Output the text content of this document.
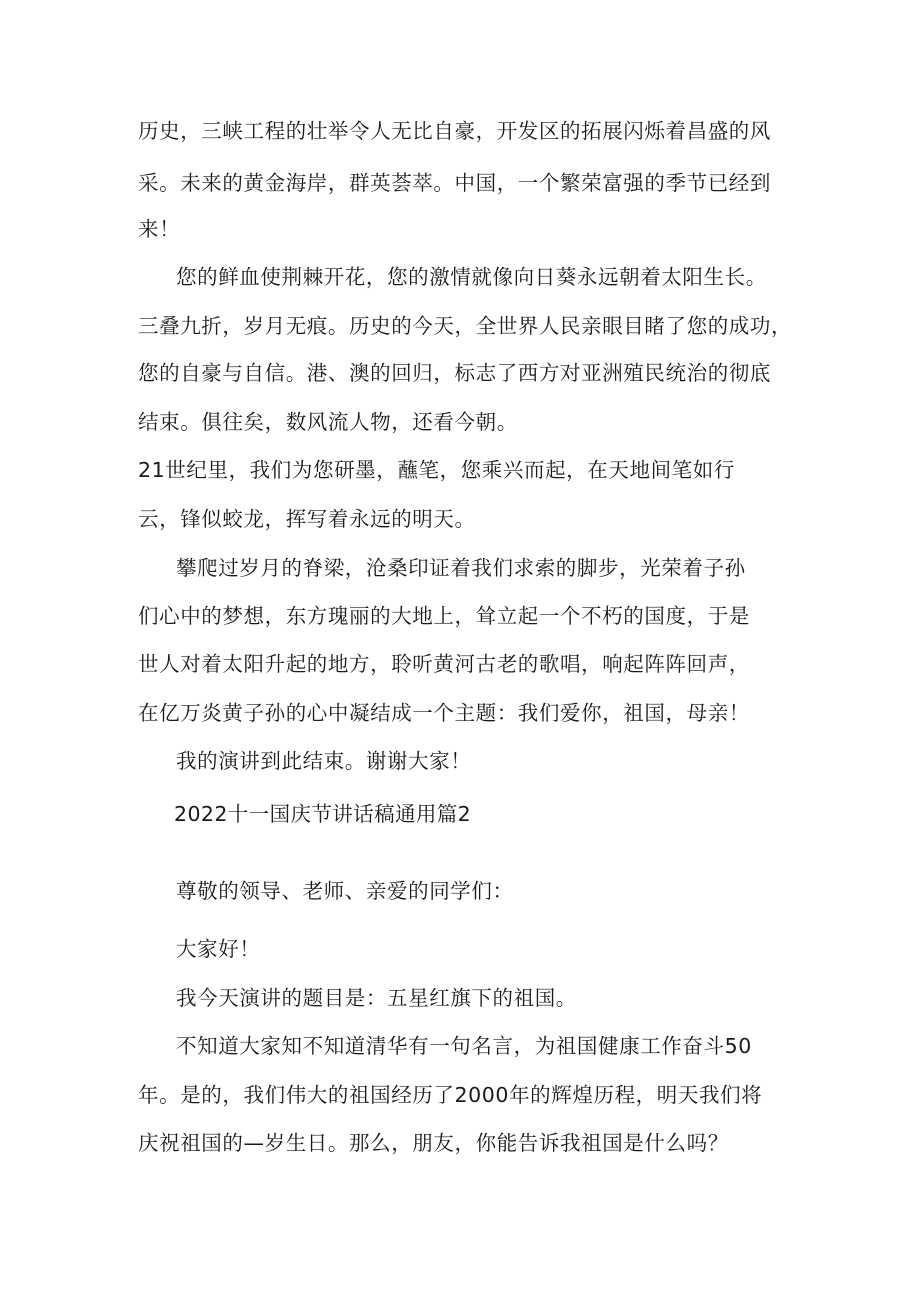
历史，三峡工程的壮举令人无比自豪，开发区的拓展闪烁着昌盛的风
采。未来的黄金海岸，群英荟萃。中国，一个繁荣富强的季节已经到
来！
您的鲜血使荆棘开花，您的激情就像向日葵永远朝着太阳生长。
三叠九折，岁月无痕。历史的今天，全世界人民亲眼目睹了您的成功，
您的自豪与自信。港、澳的回归，标志了西方对亚洲殖民统治的彻底
结束。俱往矣，数风流人物，还看今朝。
21世纪里，我们为您研墨，蘸笔，您乘兴而起，在天地间笔如行
云，锋似蛟龙，挥写着永远的明天。
攀爬过岁月的脊梁，沧桑印证着我们求索的脚步，光荣着子孙
们心中的梦想，东方瑰丽的大地上，耸立起一个不朽的国度，于是
世人对着太阳升起的地方，聆听黄河古老的歌唱，响起阵阵回声，
在亿万炎黄子孙的心中凝结成一个主题：我们爱你，祖国，母亲！
我的演讲到此结束。谢谢大家！
2022十一国庆节讲话稿通用篇2
尊敬的领导、老师、亲爱的同学们：
大家好！
我今天演讲的题目是：五星红旗下的祖国。
不知道大家知不知道清华有一句名言，为祖国健康工作奋斗50
年。是的，我们伟大的祖国经历了2000年的辉煌历程，明天我们将
庆祝祖国的—岁生日。那么，朋友，你能告诉我祖国是什么吗？
